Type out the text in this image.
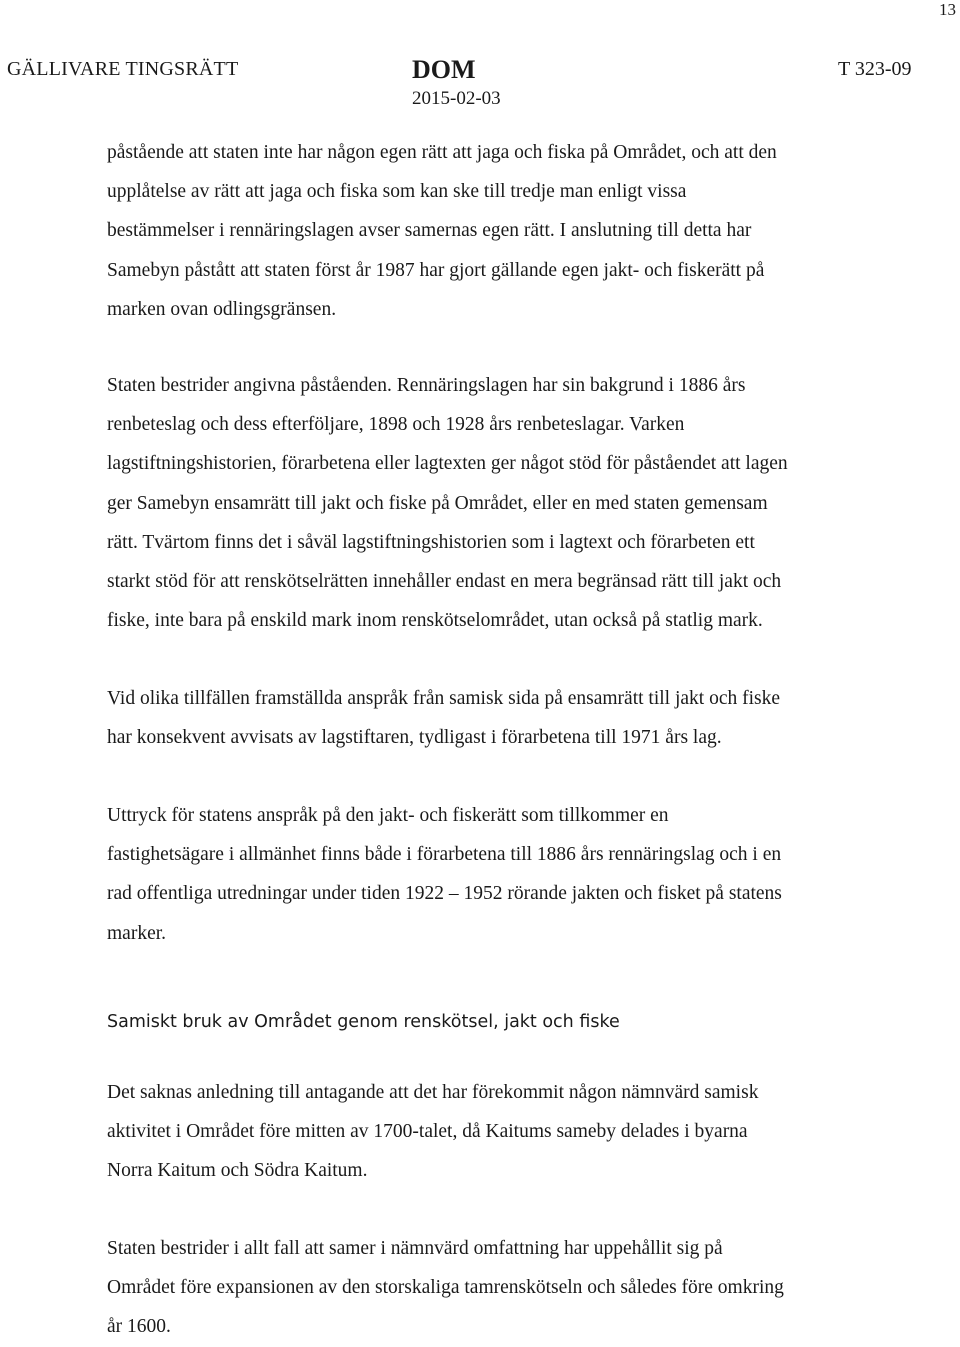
13
GÄLLIVARE TINGSRÄTT	DOM
2015-02-03
T 323-09

påstående att staten inte har någon egen rätt att jaga och fiska på Området, och att den
upplåtelse av rätt att jaga och fiska som kan ske till tredje man enligt vissa
bestämmelser i rennäringslagen avser samernas egen rätt. I anslutning till detta har
Samebyn påstått att staten först år 1987 har gjort gällande egen jakt- och fiskerätt på
marken ovan odlingsgränsen.

Staten bestrider angivna påståenden. Rennäringslagen har sin bakgrund i 1886 års
renbeteslag och dess efterföljare, 1898 och 1928 års renbeteslagar. Varken
lagstiftningshistorien, förarbetena eller lagtexten ger något stöd för påståendet att lagen
ger Samebyn ensamrätt till jakt och fiske på Området, eller en med staten gemensam
rätt. Tvärtom finns det i såväl lagstiftningshistorien som i lagtext och förarbeten ett
starkt stöd för att renskötselrätten innehåller endast en mera begränsad rätt till jakt och
fiske, inte bara på enskild mark inom renskötselområdet, utan också på statlig mark.

Vid olika tillfällen framställda anspråk från samisk sida på ensamrätt till jakt och fiske
har konsekvent avvisats av lagstiftaren, tydligast i förarbetena till 1971 års lag.

Uttryck för statens anspråk på den jakt- och fiskerätt som tillkommer en
fastighetsägare i allmänhet finns både i förarbetena till 1886 års rennäringslag och i en
rad offentliga utredningar under tiden 1922 – 1952 rörande jakten och fisket på statens
marker.

Samiskt bruk av Området genom renskötsel, jakt och fiske

Det saknas anledning till antagande att det har förekommit någon nämnvärd samisk
aktivitet i Området före mitten av 1700-talet, då Kaitums sameby delades i byarna
Norra Kaitum och Södra Kaitum.

Staten bestrider i allt fall att samer i nämnvärd omfattning har uppehållit sig på
Området före expansionen av den storskaliga tamrenskötseln och således före omkring
år 1600.
